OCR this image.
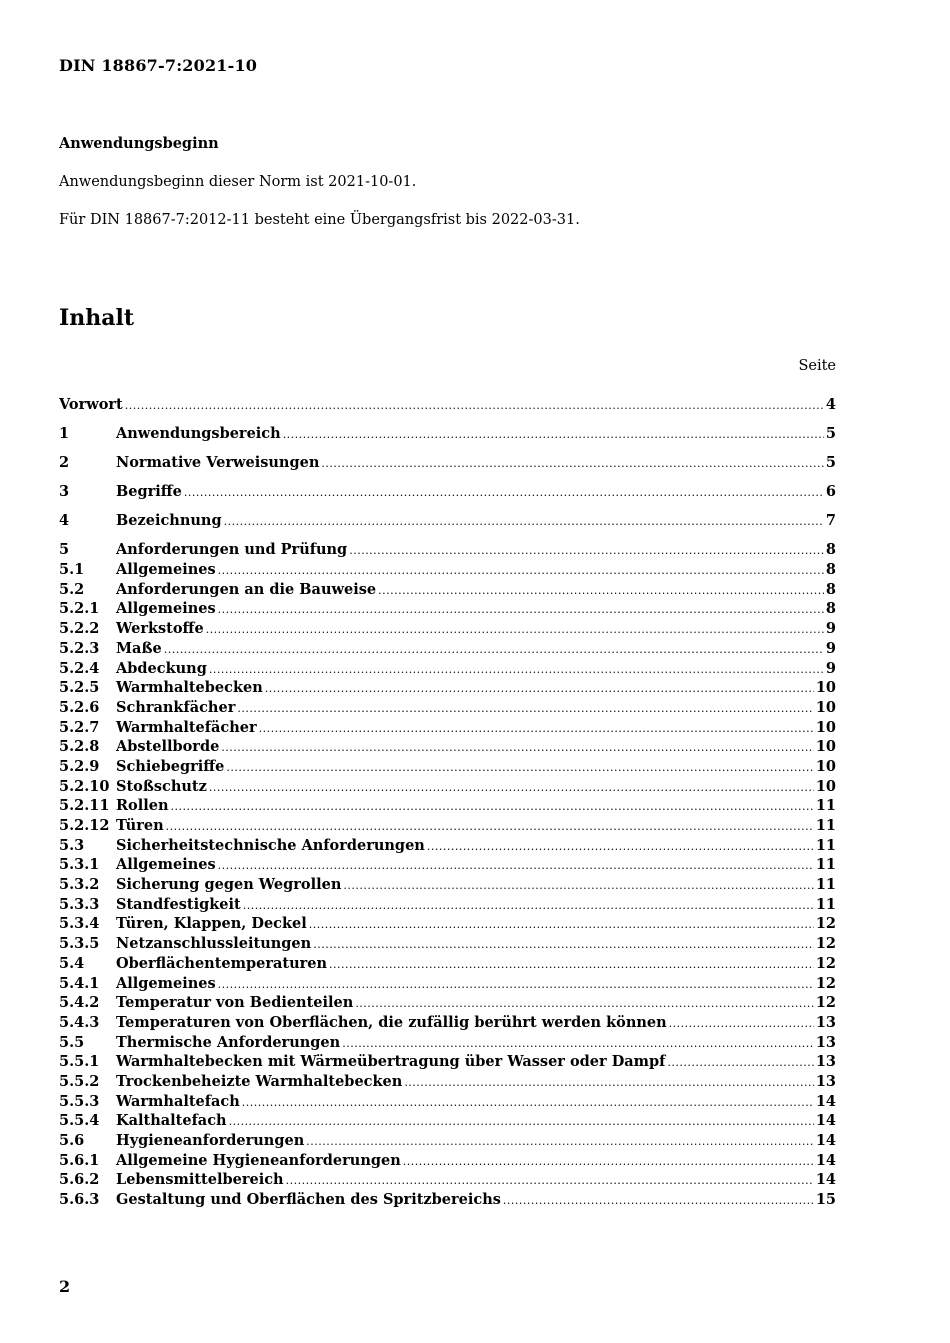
DIN 18867-7:2021-10
Anwendungsbeginn
Anwendungsbeginn dieser Norm ist 2021-10-01.
Für DIN 18867-7:2012-11 besteht eine Übergangsfrist bis 2022-03-31.
Inhalt
Seite
Vorwort .....	4
1	Anwendungsbereich .....	5
2	Normative Verweisungen .....	5
3	Begriffe .....	6
4	Bezeichnung .....	7
5	Anforderungen und Prüfung .....	8
5.1	Allgemeines .....	8
5.2	Anforderungen an die Bauweise .....	8
5.2.1	Allgemeines .....	8
5.2.2	Werkstoffe .....	9
5.2.3	Maße .....	9
5.2.4	Abdeckung .....	9
5.2.5	Warmhaltebecken .....	10
5.2.6	Schrankfächer .....	10
5.2.7	Warmhaltefächer .....	10
5.2.8	Abstellborde .....	10
5.2.9	Schiebegriffe .....	10
5.2.10 Stoßschutz .....	10
5.2.11 Rollen .....	11
5.2.12 Türen .....	11
5.3	Sicherheitstechnische Anforderungen .....	11
5.3.1	Allgemeines .....	11
5.3.2	Sicherung gegen Wegrollen .....	11
5.3.3	Standfestigkeit .....	11
5.3.4	Türen, Klappen, Deckel .....	12
5.3.5	Netzanschlussleitungen .....	12
5.4	Oberflächentemperaturen .....	12
5.4.1	Allgemeines .....	12
5.4.2	Temperatur von Bedienteilen .....	12
5.4.3	Temperaturen von Oberflächen, die zufällig berührt werden können .....	13
5.5	Thermische Anforderungen .....	13
5.5.1	Warmhaltebecken mit Wärmeübertragung über Wasser oder Dampf .....	13
5.5.2	Trockenbeheizte Warmhaltebecken .....	13
5.5.3	Warmhaltefach .....	14
5.5.4	Kalthaltefach .....	14
5.6	Hygieneanforderungen .....	14
5.6.1	Allgemeine Hygieneanforderungen .....	14
5.6.2	Lebensmittelbereich .....	14
5.6.3	Gestaltung und Oberflächen des Spritzbereichs .....	15
2
